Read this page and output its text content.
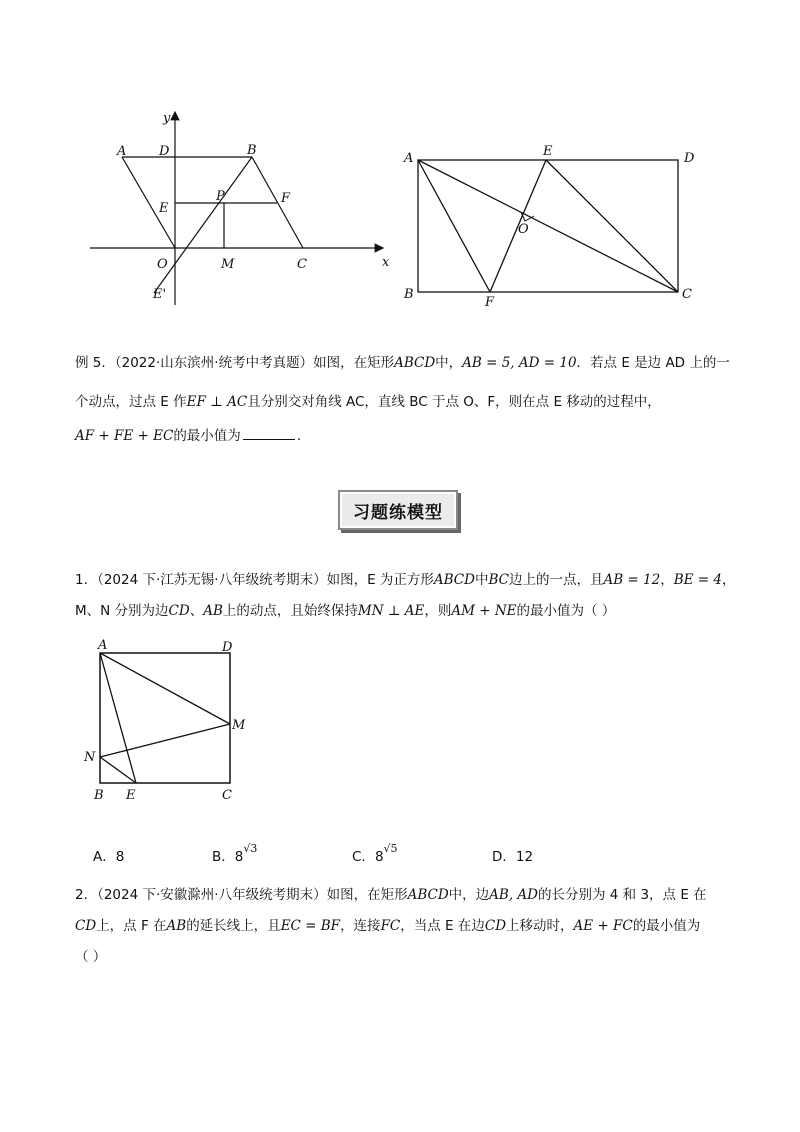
y
x
A	D	B
P
E
F
O	M	C
E'
A	E	D
O
B
F
C
例 5．（2022·山东滨州·统考中考真题）如图，在矩形ABCD中，AB = 5, AD = 10．若点 E 是边 AD 上的一
个动点，过点 E 作EF ⊥ AC且分别交对角线 AC，直线 BC 于点 O、F，则在点 E 移动的过程中，
AF + FE + EC的最小值为	.
习题练模型
1．（2024 下·江苏无锡·八年级统考期末）如图，E 为正方形ABCD中BC边上的一点，且AB = 12，BE = 4，
M、N 分别为边CD、AB上的动点，且始终保持MN ⊥ AE，则AM + NE的最小值为（ ）
A	D
M
N
B E	C
A．8	B．$8^{√3}$
C．$8^{√5}$
D．12
2．（2024 下·安徽滁州·八年级统考期末）如图，在矩形ABCD中，边AB, AD的长分别为 4 和 3，点 E 在
CD上，点 F 在AB的延长线上，且EC = BF，连接FC，当点 E 在边CD上移动时，AE + FC的最小值为
（ ）
